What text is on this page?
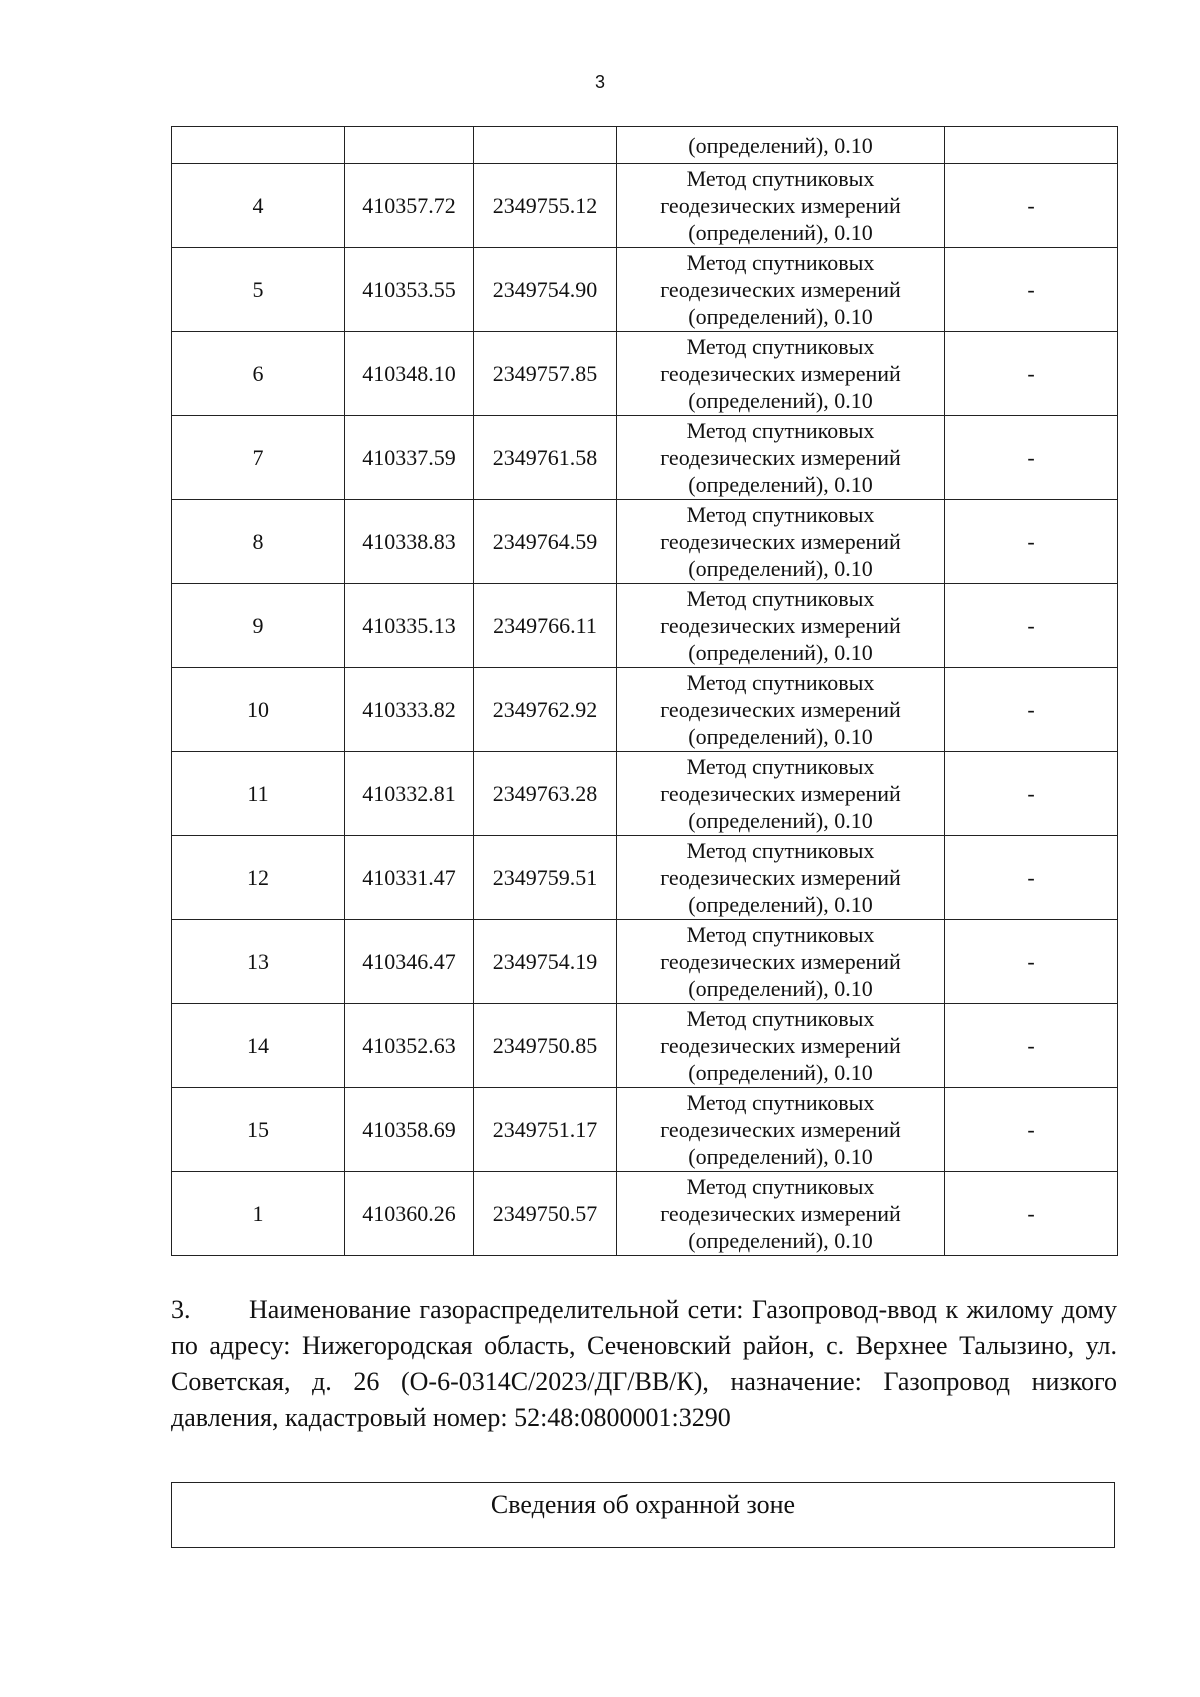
3
			(определений), 0.10	
4	410357.72	2349755.12	Метод спутниковых
геодезических измерений
(определений), 0.10	-
5	410353.55	2349754.90	Метод спутниковых
геодезических измерений
(определений), 0.10	-
6	410348.10	2349757.85	Метод спутниковых
геодезических измерений
(определений), 0.10	-
7	410337.59	2349761.58	Метод спутниковых
геодезических измерений
(определений), 0.10	-
8	410338.83	2349764.59	Метод спутниковых
геодезических измерений
(определений), 0.10	-
9	410335.13	2349766.11	Метод спутниковых
геодезических измерений
(определений), 0.10	-
10	410333.82	2349762.92	Метод спутниковых
геодезических измерений
(определений), 0.10	-
11	410332.81	2349763.28	Метод спутниковых
геодезических измерений
(определений), 0.10	-
12	410331.47	2349759.51	Метод спутниковых
геодезических измерений
(определений), 0.10	-
13	410346.47	2349754.19	Метод спутниковых
геодезических измерений
(определений), 0.10	-
14	410352.63	2349750.85	Метод спутниковых
геодезических измерений
(определений), 0.10	-
15	410358.69	2349751.17	Метод спутниковых
геодезических измерений
(определений), 0.10	-
1	410360.26	2349750.57	Метод спутниковых
геодезических измерений
(определений), 0.10	-
3. Наименование газораспределительной сети: Газопровод-ввод к жилому дому по адресу: Нижегородская область, Сеченовский район, с. Верхнее Талызино, ул. Советская, д. 26 (О-6-0314С/2023/ДГ/ВВ/К), назначение: Газопровод низкого давления, кадастровый номер: 52:48:0800001:3290
Сведения об охранной зоне
